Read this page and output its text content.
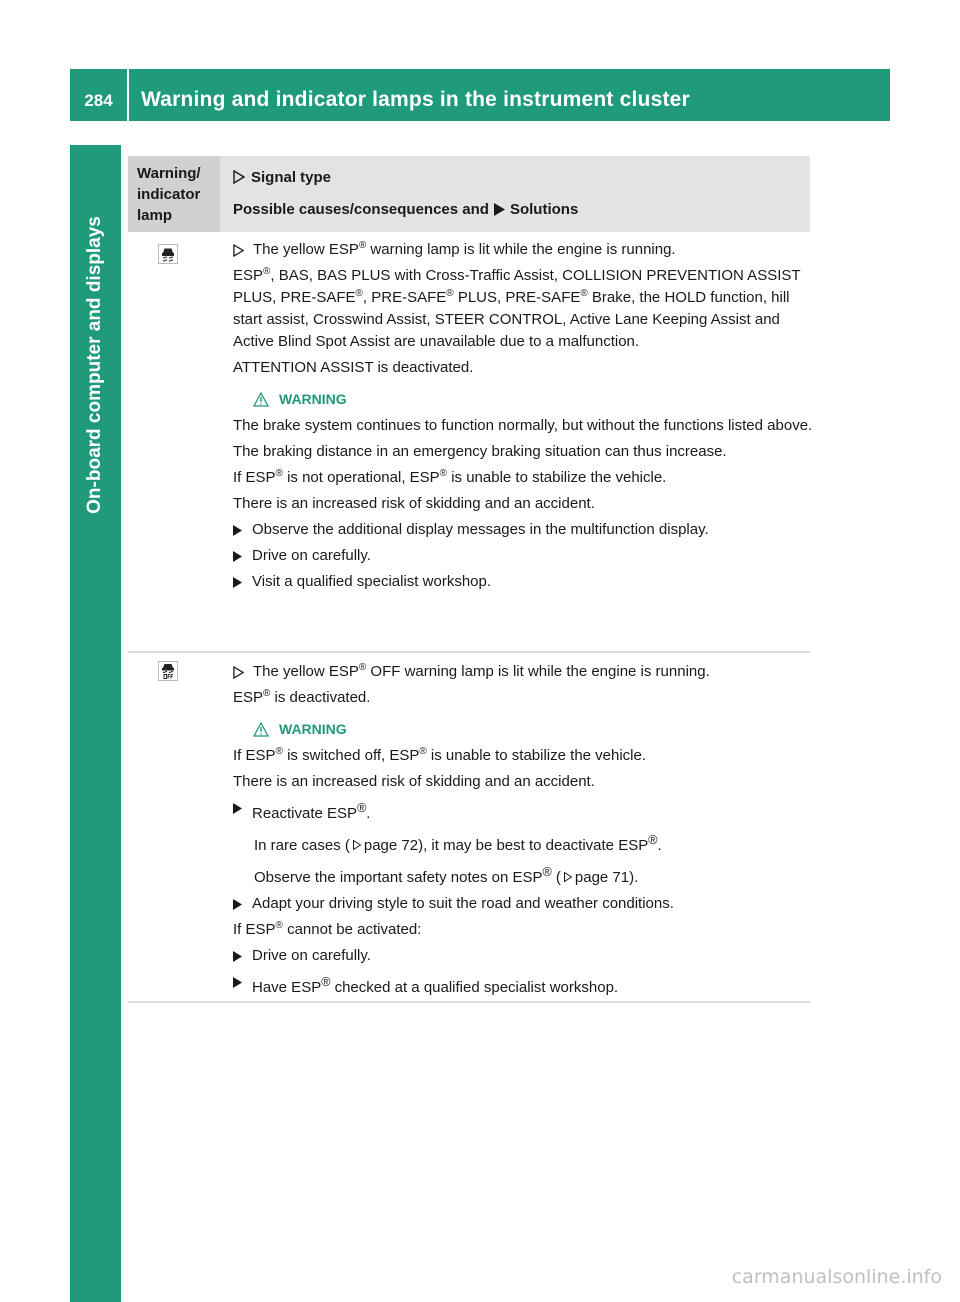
284	Warning and indicator lamps in the instrument cluster
On-board computer and displays
Warning/ indicator lamp
Signal type
Possible causes/consequences and Solutions
The yellow ESP® warning lamp is lit while the engine is running.
ESP®, BAS, BAS PLUS with Cross-Traffic Assist, COLLISION PREVENTION ASSIST PLUS, PRE-SAFE®, PRE-SAFE® PLUS, PRE-SAFE® Brake, the HOLD function, hill start assist, Crosswind Assist, STEER CONTROL, Active Lane Keeping Assist and Active Blind Spot Assist are unavailable due to a malfunction.
ATTENTION ASSIST is deactivated.
WARNING
The brake system continues to function normally, but without the functions listed above.
The braking distance in an emergency braking situation can thus increase.
If ESP® is not operational, ESP® is unable to stabilize the vehicle.
There is an increased risk of skidding and an accident.
Observe the additional display messages in the multifunction display.
Drive on carefully.
Visit a qualified specialist workshop.
The yellow ESP® OFF warning lamp is lit while the engine is running.
ESP® is deactivated.
WARNING
If ESP® is switched off, ESP® is unable to stabilize the vehicle.
There is an increased risk of skidding and an accident.
Reactivate ESP®.
In rare cases ( page 72), it may be best to deactivate ESP®.
Observe the important safety notes on ESP® ( page 71).
Adapt your driving style to suit the road and weather conditions.
If ESP® cannot be activated:
Drive on carefully.
Have ESP® checked at a qualified specialist workshop.
carmanualsonline.info
